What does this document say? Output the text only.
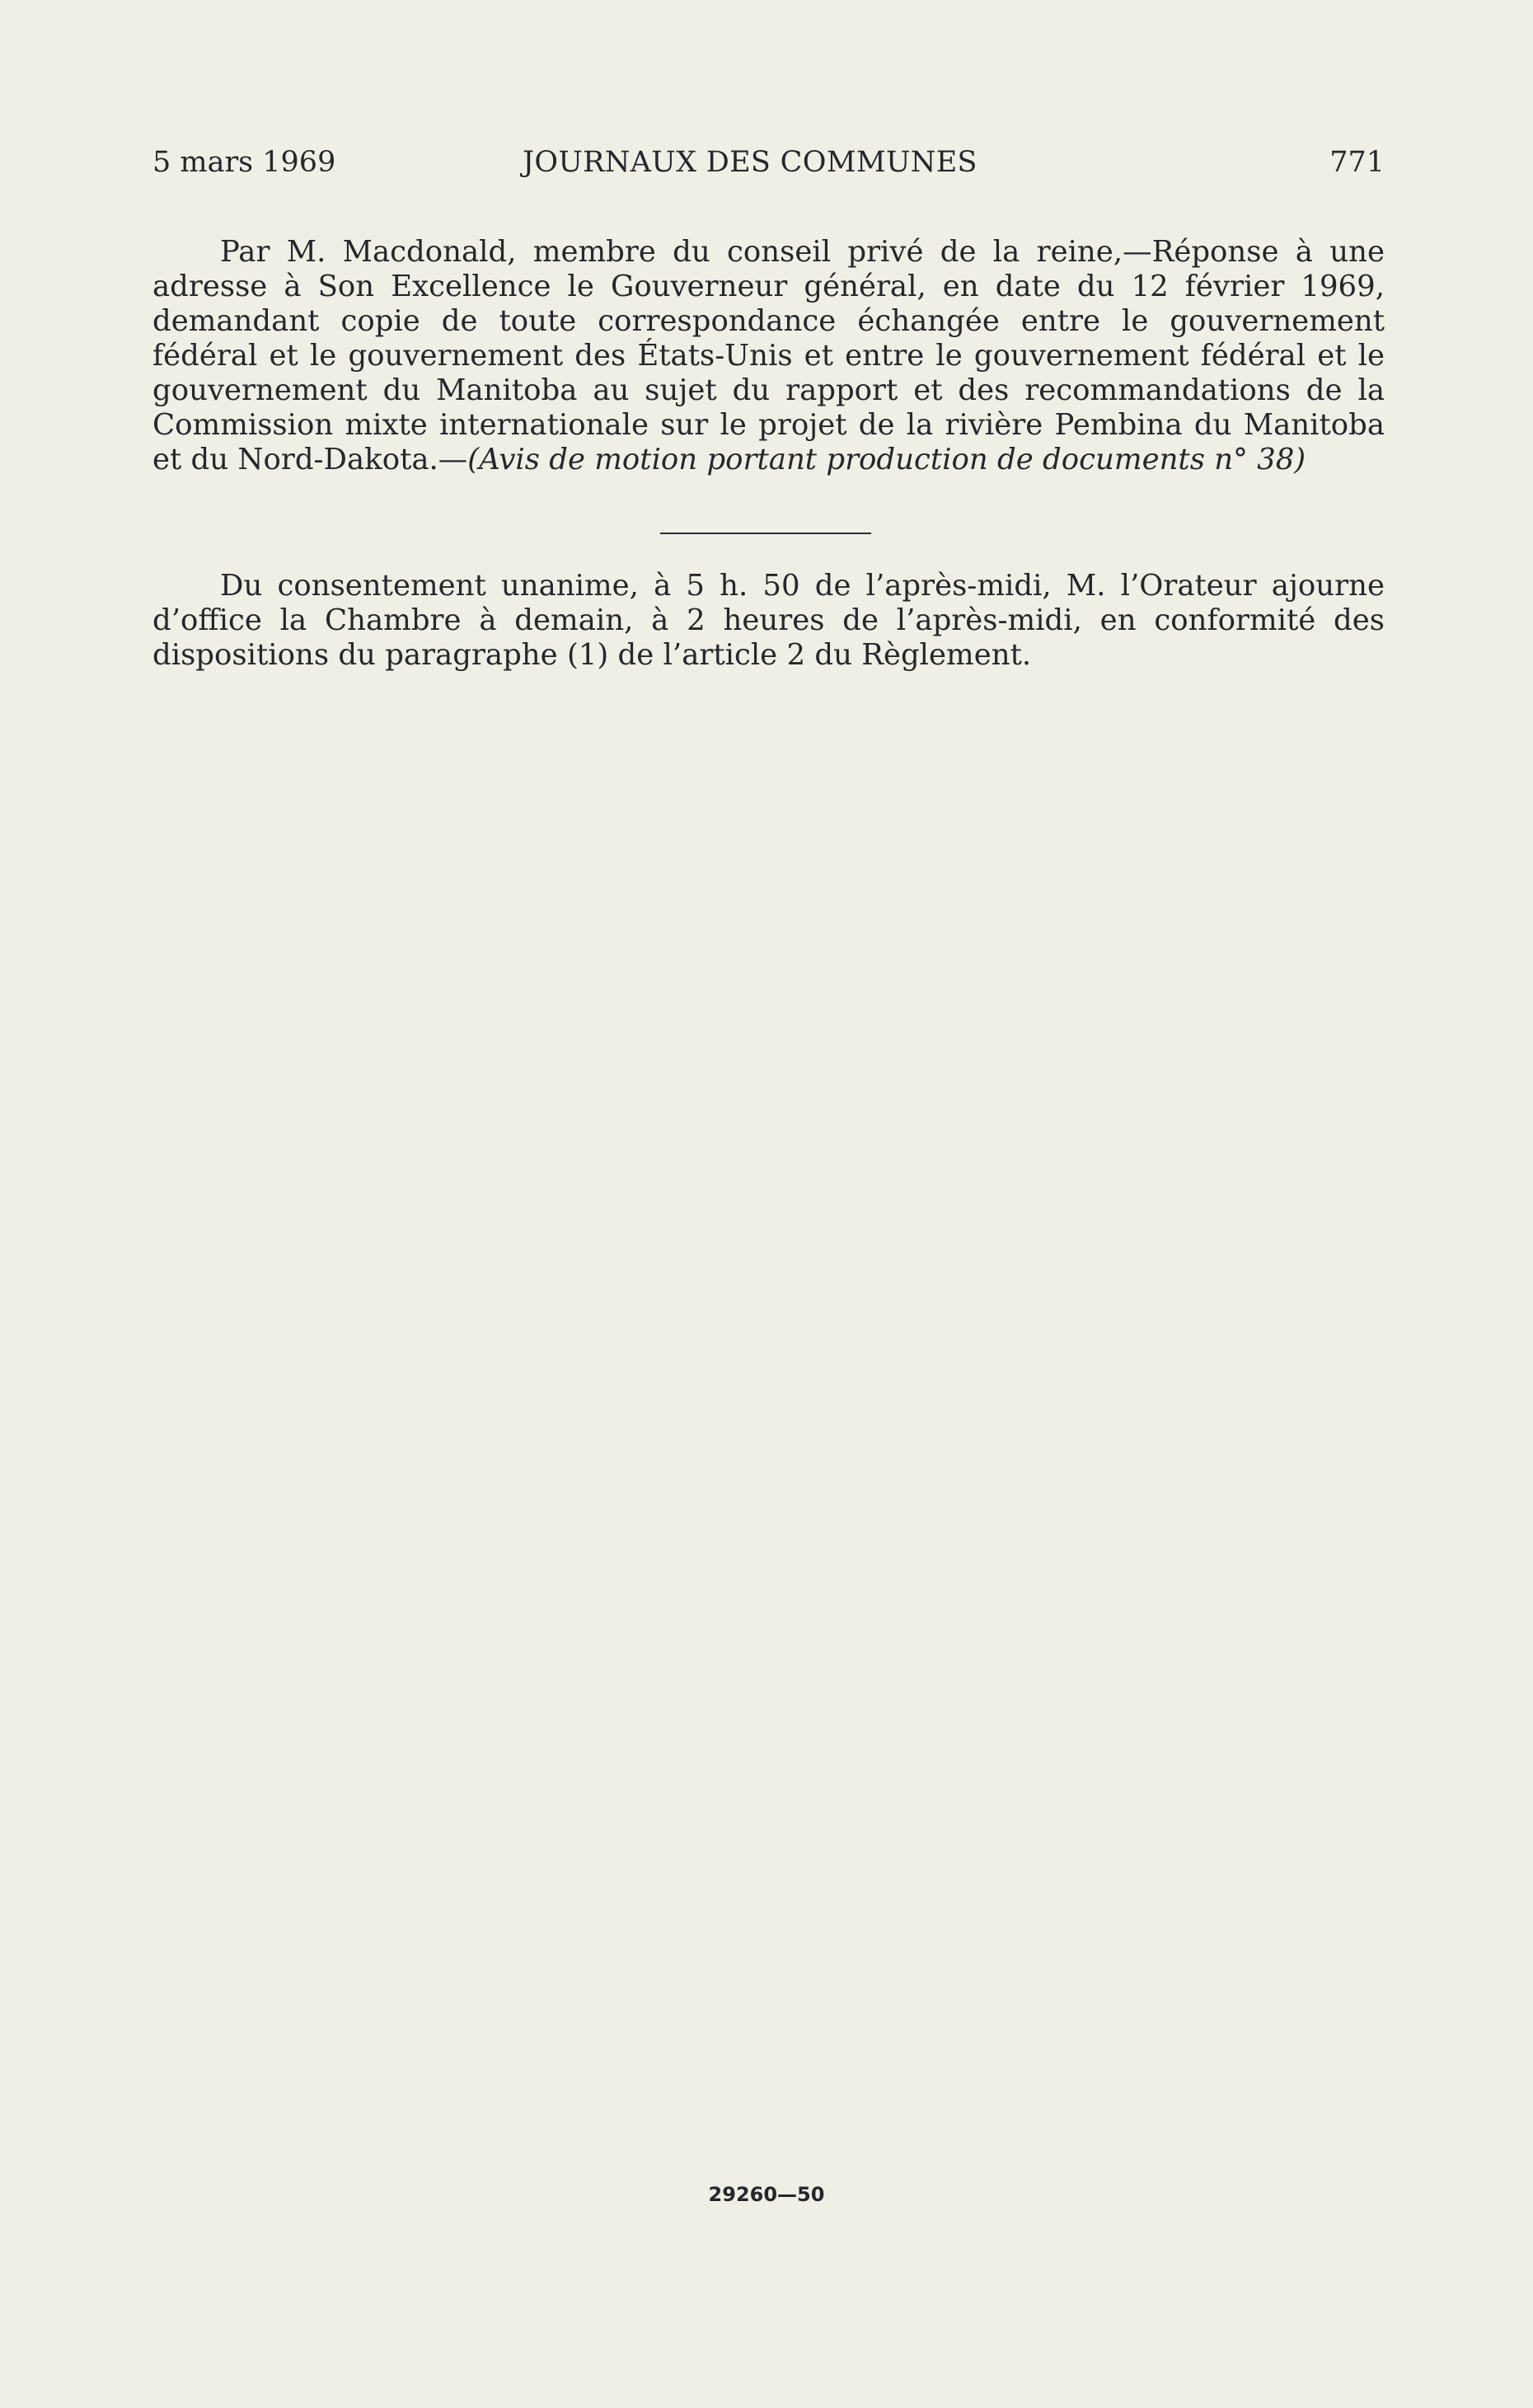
5 mars 1969	JOURNAUX DES COMMUNES	771

Par M. Macdonald, membre du conseil privé de la reine,—Réponse à une adresse à Son Excellence le Gouverneur général, en date du 12 février 1969, demandant copie de toute correspondance échangée entre le gouvernement fédéral et le gouvernement des États-Unis et entre le gouvernement fédéral et le gouvernement du Manitoba au sujet du rapport et des recommandations de la Commission mixte internationale sur le projet de la rivière Pembina du Manitoba et du Nord-Dakota.—(Avis de motion portant production de documents n° 38)

Du consentement unanime, à 5 h. 50 de l’après-midi, M. l’Orateur ajourne d’office la Chambre à demain, à 2 heures de l’après-midi, en conformité des dispositions du paragraphe (1) de l’article 2 du Règlement.

29260—50
